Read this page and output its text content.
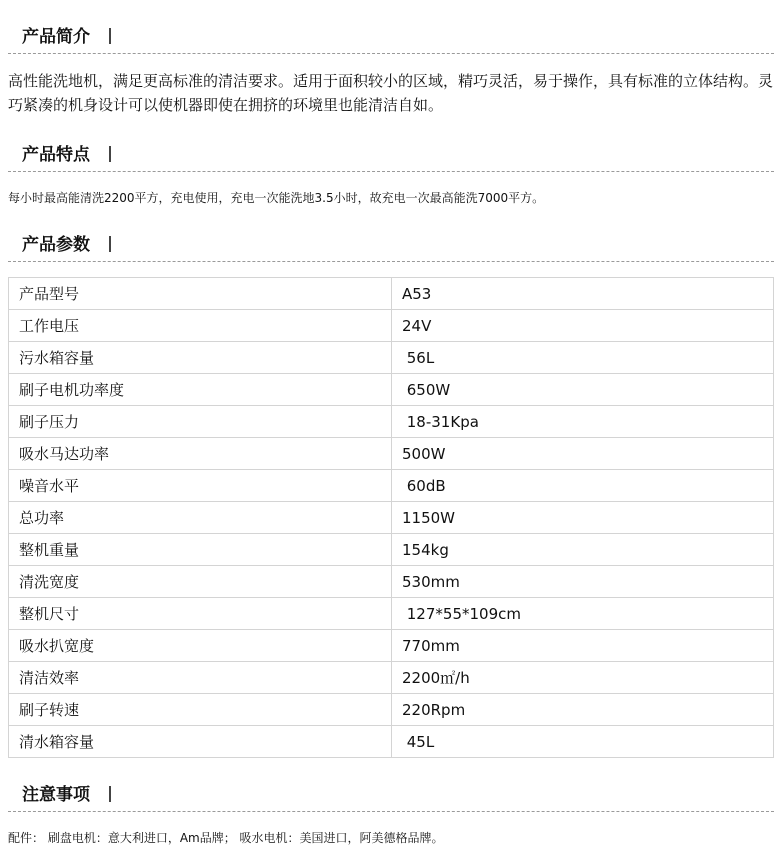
产品简介
高性能洗地机，满足更高标准的清洁要求。适用于面积较小的区域，精巧灵活，易于操作，具有标准的立体结构。灵巧紧凑的机身设计可以使机器即使在拥挤的环境里也能清洁自如。
产品特点
每小时最高能清洗2200平方，充电使用，充电一次能洗地3.5小时，故充电一次最高能洗7000平方。
产品参数
产品型号	A53
工作电压	24V
污水箱容量	56L
刷子电机功率度	650W
刷子压力	18-31Kpa
吸水马达功率	500W
噪音水平	60dB
总功率	1150W
整机重量	154kg
清洗宽度	530mm
整机尺寸	127*55*109cm
吸水扒宽度	770mm
清洁效率	2200㎡/h
刷子转速	220Rpm
清水箱容量	45L
注意事项
配件： 刷盘电机：意大利进口，Am品牌； 吸水电机：美国进口，阿美德格品牌。
